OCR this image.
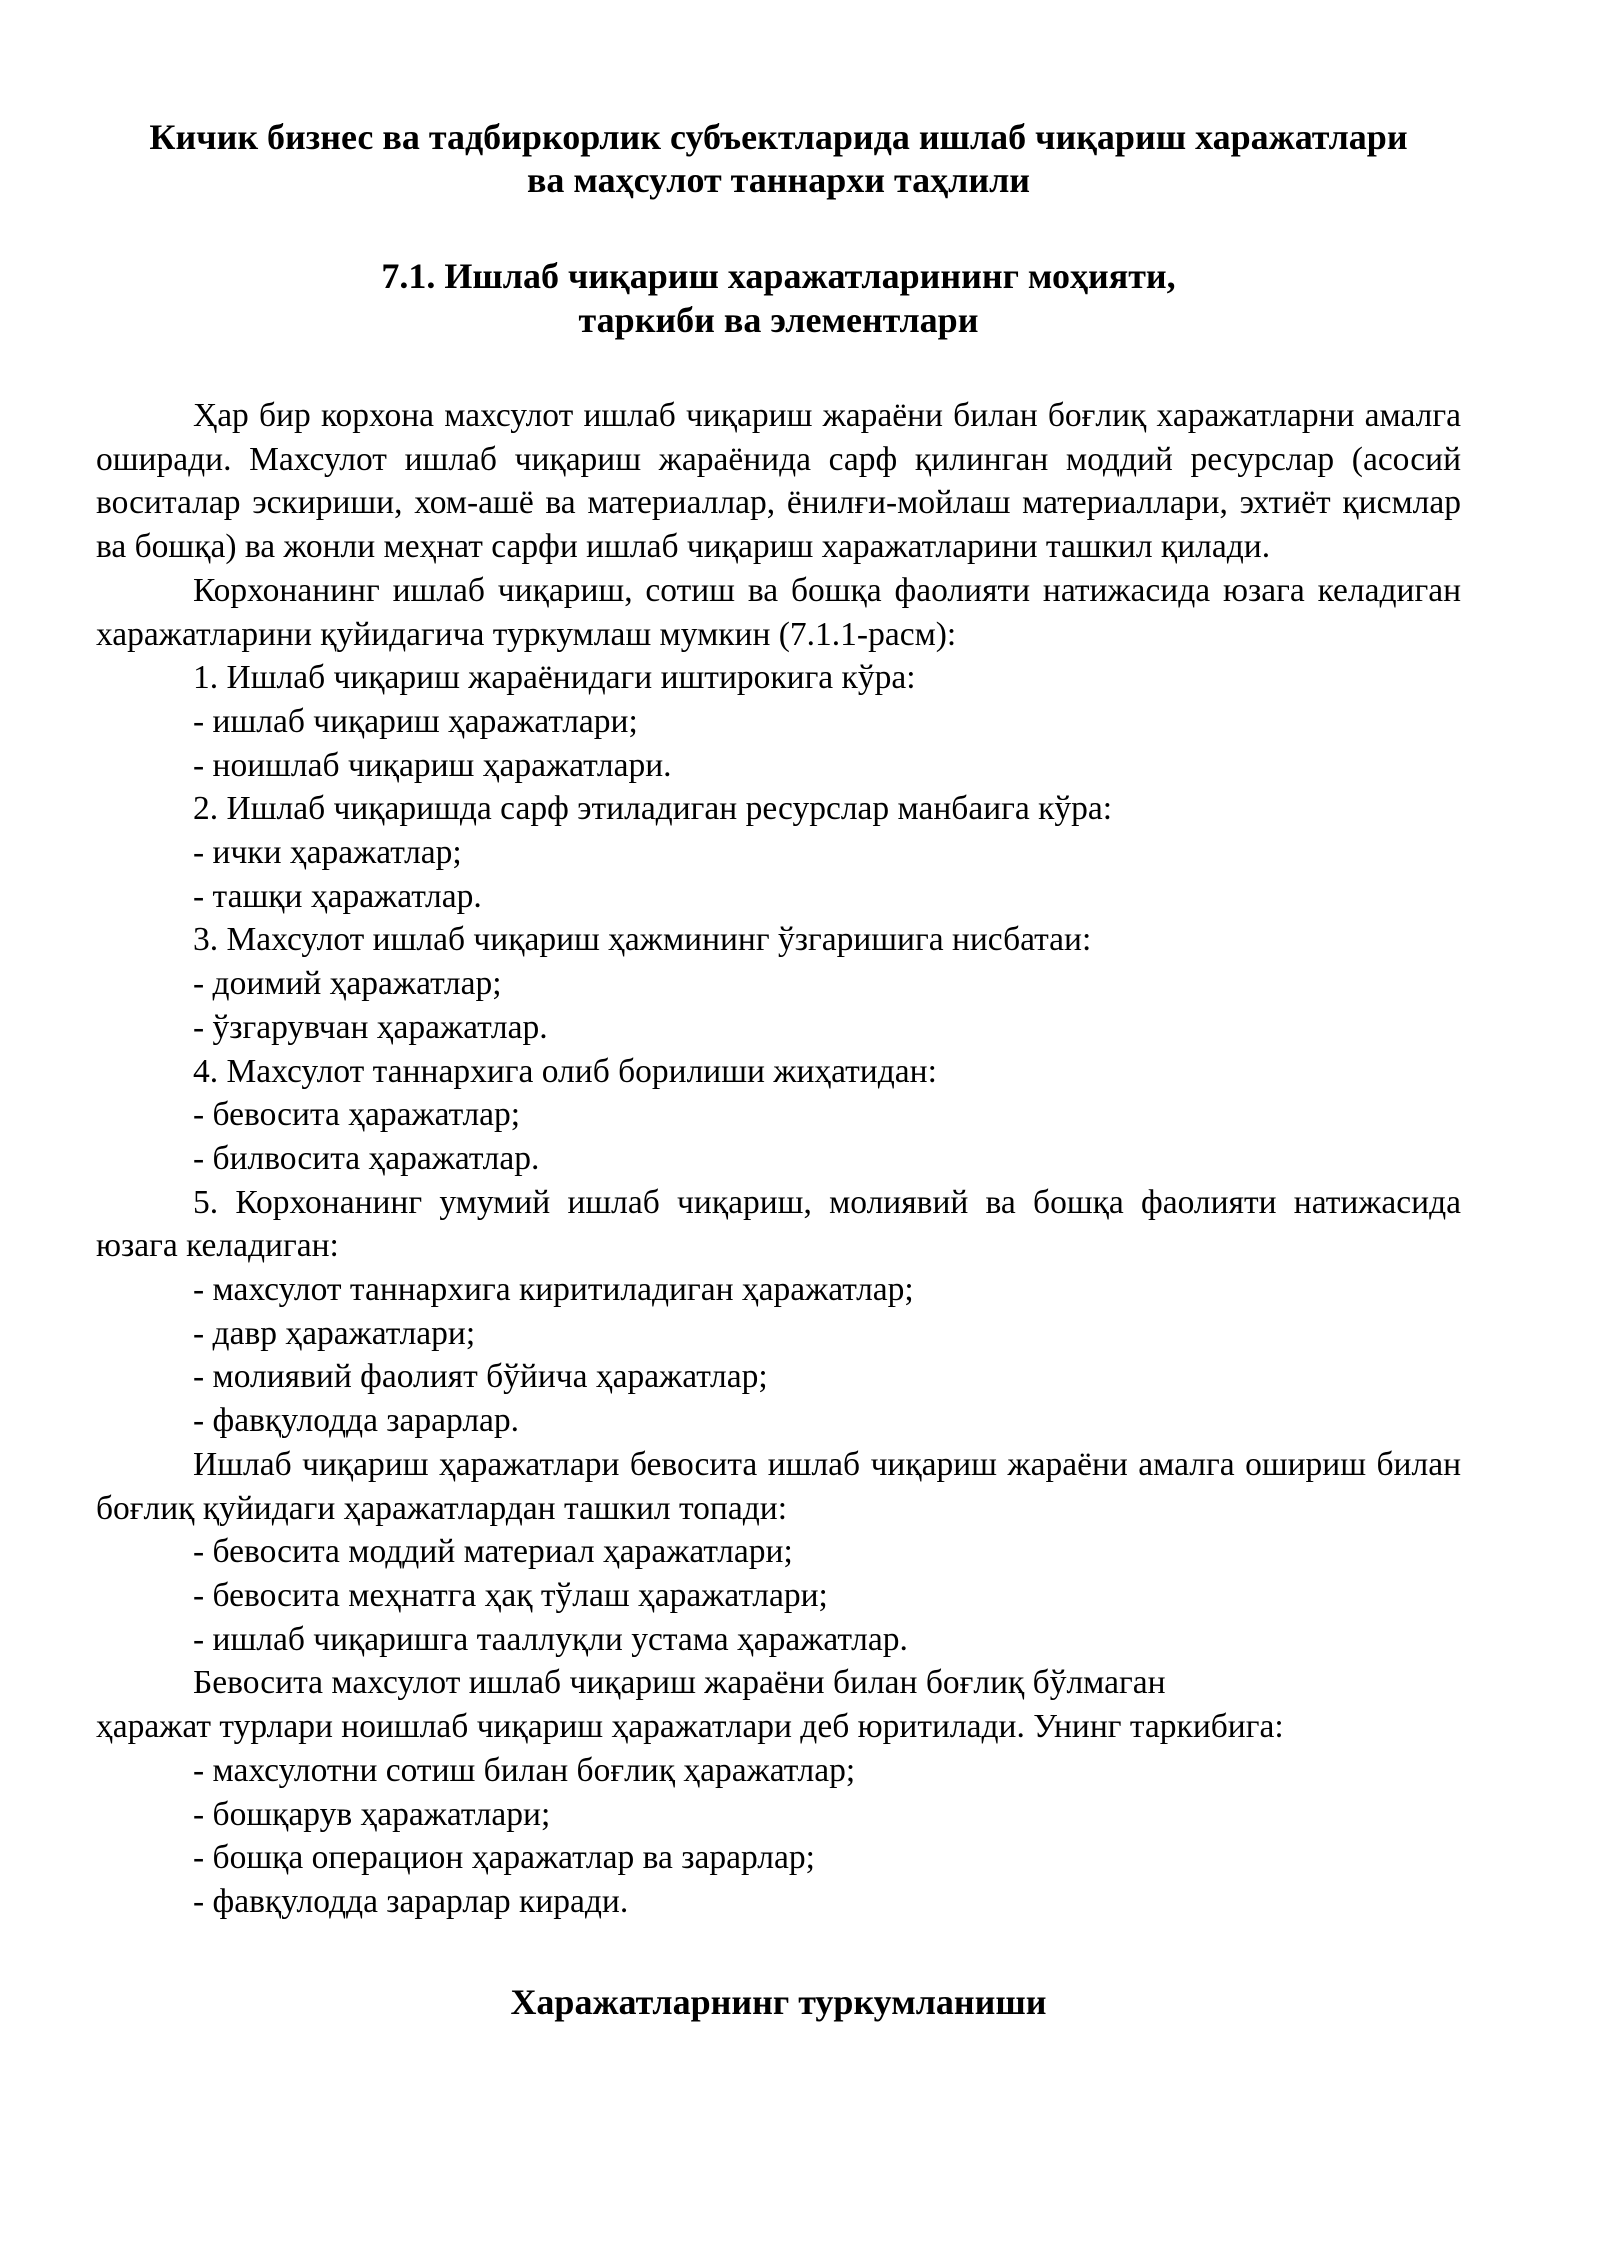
Кичик бизнес ва тадбиркорлик субъектларида ишлаб чиқариш харажатлари
ва маҳсулот таннархи таҳлили
7.1. Ишлаб чиқариш харажатларининг моҳияти,
таркиби ва элементлари

Ҳар бир корхона махсулот ишлаб чиқариш жараёни билан боғлиқ харажатларни амалга оширади. Махсулот ишлаб чиқариш жараёнида сарф қилинган моддий ресурслар (асосий воситалар эскириши, хом-ашё ва материаллар, ёнилғи-мойлаш материаллари, эхтиёт қисмлар ва бошқа) ва жонли меҳнат сарфи ишлаб чиқариш харажатларини ташкил қилади.

Корхонанинг ишлаб чиқариш, сотиш ва бошқа фаолияти натижасида юзага келадиган харажатларини қуйидагича туркумлаш мумкин (7.1.1-расм):

1. Ишлаб чиқариш жараёнидаги иштирокига кўра:

- ишлаб чиқариш ҳаражатлари;

- ноишлаб чиқариш ҳаражатлари.

2. Ишлаб чиқаришда сарф этиладиган ресурслар манбаига кўра:

- ички ҳаражатлар;

- ташқи ҳаражатлар.

3. Махсулот ишлаб чиқариш ҳажмининг ўзгаришига нисбатаи:

- доимий ҳаражатлар;

- ўзгарувчан ҳаражатлар.

4. Махсулот таннархига олиб борилиши жиҳатидан:

- бевосита ҳаражатлар;

- билвосита ҳаражатлар.

5. Корхонанинг умумий ишлаб чиқариш, молиявий ва бошқа фаолияти натижасида юзага келадиган:

- махсулот таннархига киритиладиган ҳаражатлар;

- давр ҳаражатлари;

- молиявий фаолият бўйича ҳаражатлар;

- фавқулодда зарарлар.

Ишлаб чиқариш ҳаражатлари бевосита ишлаб чиқариш жараёни амалга ошириш билан боғлиқ қуйидаги ҳаражатлардан ташкил топади:

- бевосита моддий материал ҳаражатлари;

- бевосита меҳнатга ҳақ тўлаш ҳаражатлари;

- ишлаб чиқаришга тааллуқли устама ҳаражатлар.

Бевосита махсулот ишлаб чиқариш жараёни билан боғлиқ бўлмаган

ҳаражат турлари ноишлаб чиқариш ҳаражатлари деб юритилади. Унинг таркибига:

- махсулотни сотиш билан боғлиқ ҳаражатлар;

- бошқарув ҳаражатлари;

- бошқа операцион ҳаражатлар ва зарарлар;

- фавқулодда зарарлар киради.

Харажатларнинг туркумланиши
